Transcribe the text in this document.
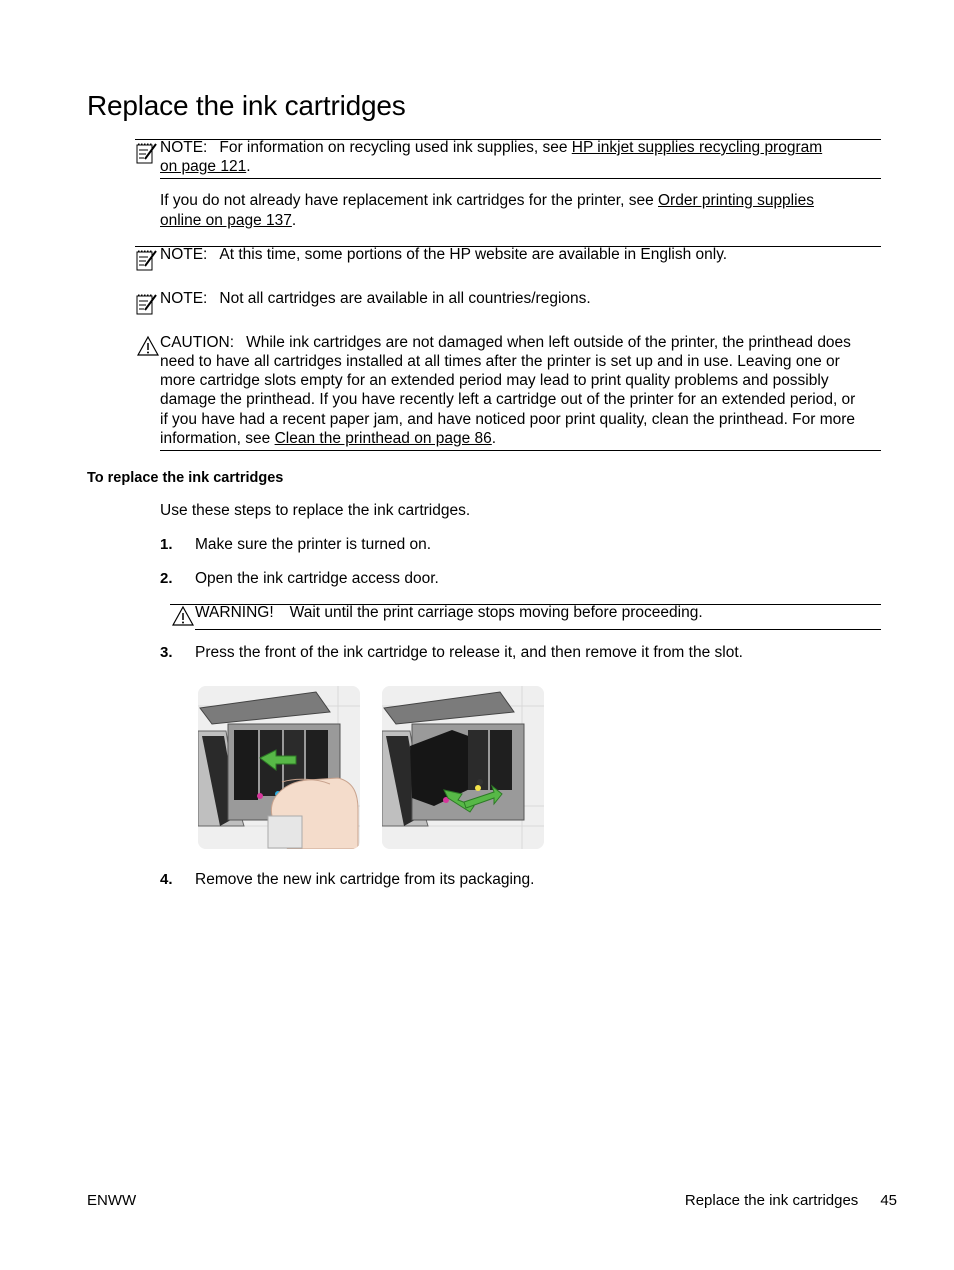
Replace the ink cartridges
NOTE: For information on recycling used ink supplies, see HP inkjet supplies recycling program
on page 121.
If you do not already have replacement ink cartridges for the printer, see Order printing supplies
online on page 137.
NOTE: At this time, some portions of the HP website are available in English only.
NOTE: Not all cartridges are available in all countries/regions.
CAUTION: While ink cartridges are not damaged when left outside of the printer, the printhead does
need to have all cartridges installed at all times after the printer is set up and in use. Leaving one or
more cartridge slots empty for an extended period may lead to print quality problems and possibly
damage the printhead. If you have recently left a cartridge out of the printer for an extended period, or
if you have had a recent paper jam, and have noticed poor print quality, clean the printhead. For more
information, see Clean the printhead on page 86.
To replace the ink cartridges
Use these steps to replace the ink cartridges.
1. Make sure the printer is turned on.
2. Open the ink cartridge access door.
WARNING! Wait until the print carriage stops moving before proceeding.
3. Press the front of the ink cartridge to release it, and then remove it from the slot.
4. Remove the new ink cartridge from its packaging.
ENWW	Replace the ink cartridges 45
